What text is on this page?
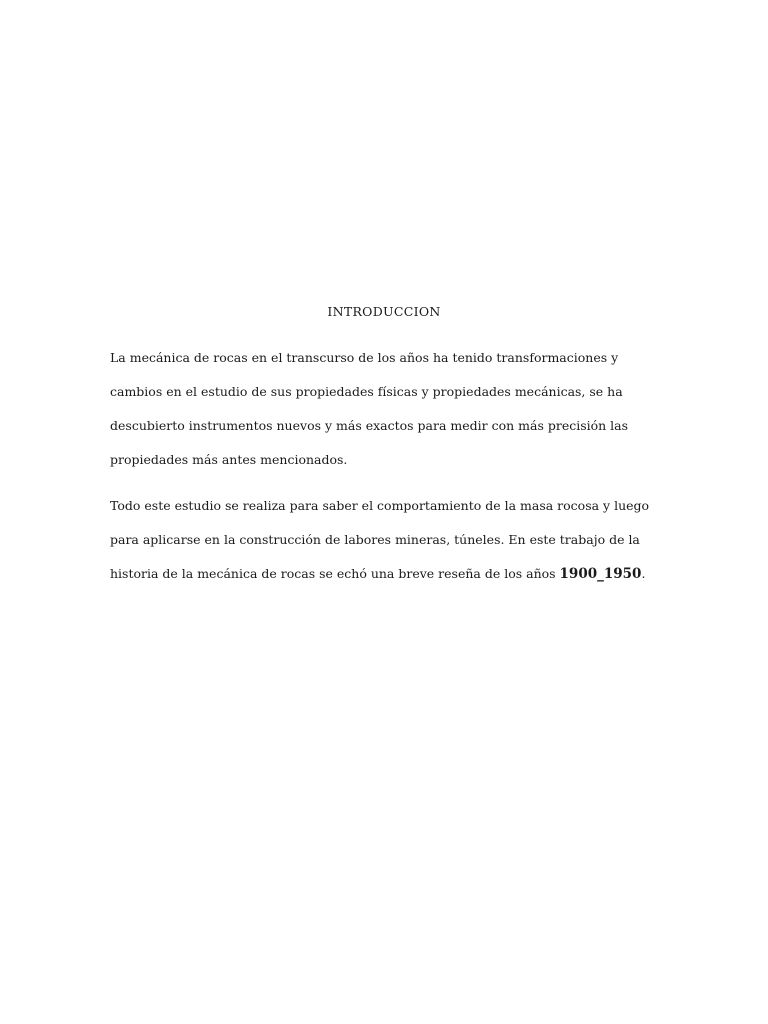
INTRODUCCION

La mecánica de rocas en el transcurso de los años ha tenido transformaciones y
cambios en el estudio de sus propiedades físicas y propiedades mecánicas, se ha
descubierto instrumentos nuevos y más exactos para medir con más precisión las
propiedades más antes mencionados.

Todo este estudio se realiza para saber el comportamiento de la masa rocosa y luego
para aplicarse en la construcción de labores mineras, túneles. En este trabajo de la
historia de la mecánica de rocas se echó una breve reseña de los años 1900_1950.
